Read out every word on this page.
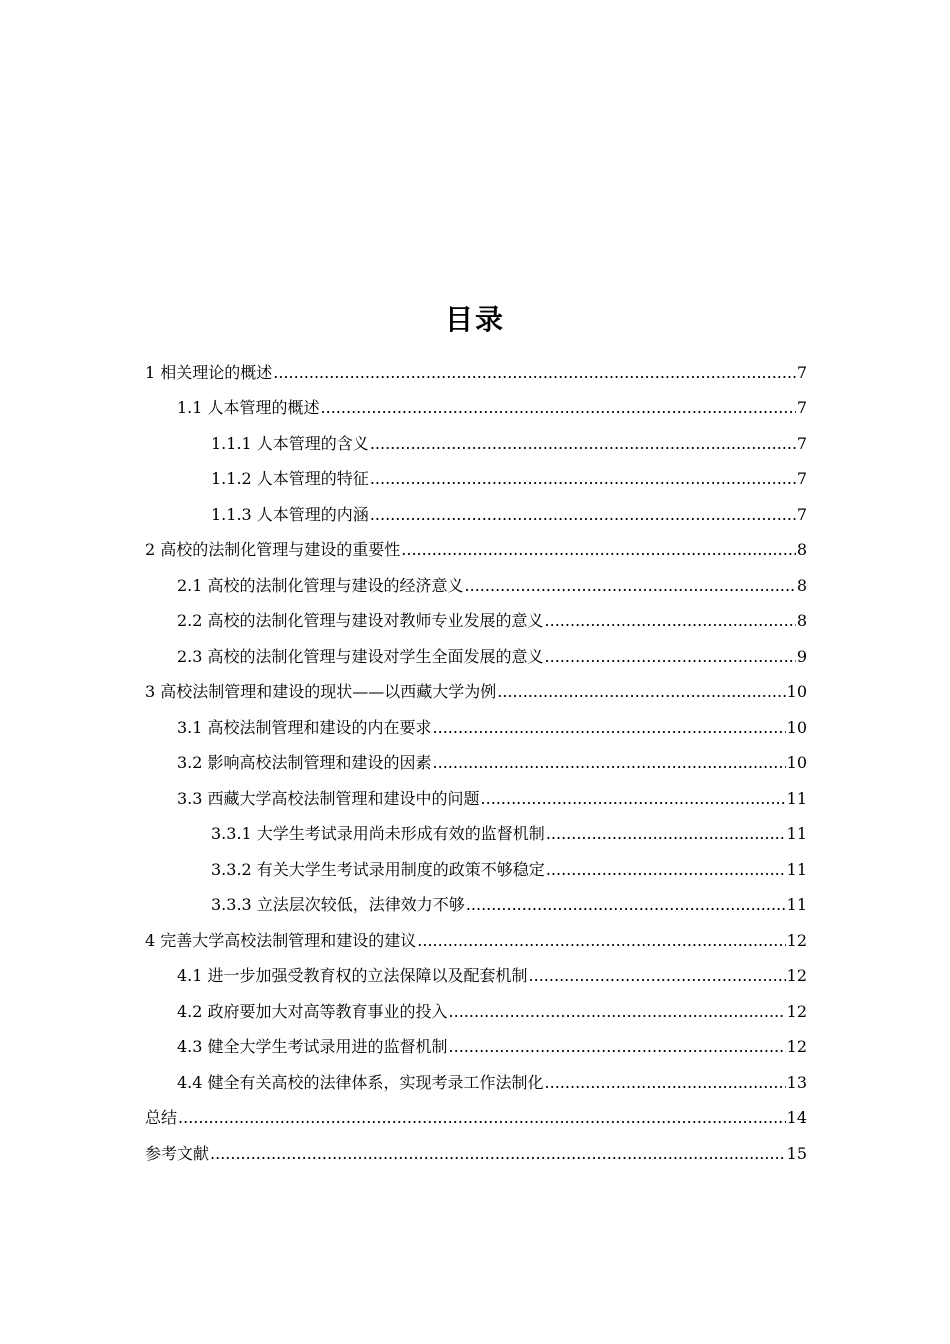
目录
1 相关理论的概述 .....	7
1.1 人本管理的概述 .....	7
1.1.1 人本管理的含义 .....	7
1.1.2 人本管理的特征 .....	7
1.1.3 人本管理的内涵 .....	7
2 高校的法制化管理与建设的重要性 .....	8
2.1 高校的法制化管理与建设的经济意义 .....	8
2.2 高校的法制化管理与建设对教师专业发展的意义 .....	8
2.3 高校的法制化管理与建设对学生全面发展的意义 .....	9
3 高校法制管理和建设的现状——以西藏大学为例 .....	10
3.1 高校法制管理和建设的内在要求 .....	10
3.2 影响高校法制管理和建设的因素 .....	10
3.3 西藏大学高校法制管理和建设中的问题 .....	11
3.3.1 大学生考试录用尚未形成有效的监督机制 .....	11
3.3.2 有关大学生考试录用制度的政策不够稳定 .....	11
3.3.3 立法层次较低，法律效力不够 .....	11
4 完善大学高校法制管理和建设的建议 .....	12
4.1 进一步加强受教育权的立法保障以及配套机制 .....	12
4.2 政府要加大对高等教育事业的投入 .....	12
4.3 健全大学生考试录用进的监督机制 .....	12
4.4 健全有关高校的法律体系，实现考录工作法制化 .....	13
总结 .....	14
参考文献 .....	15
